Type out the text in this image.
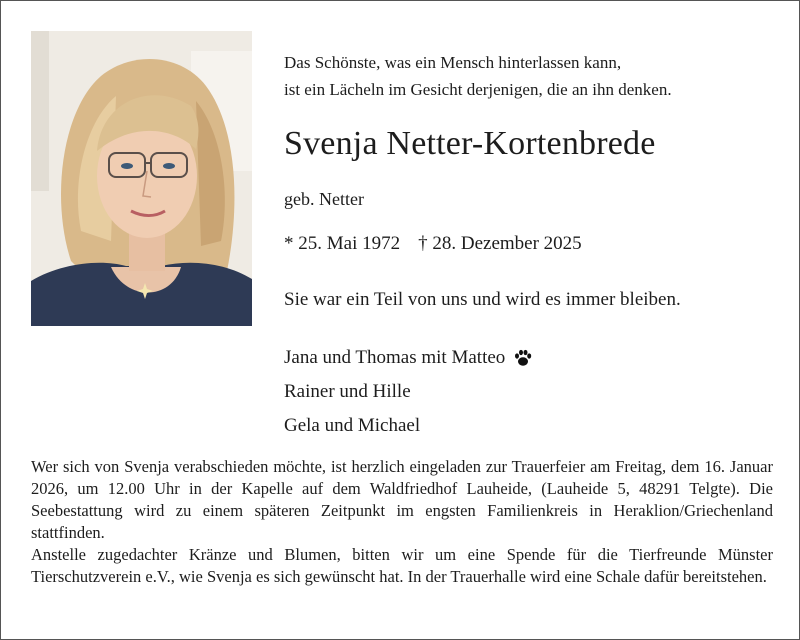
Das Schönste, was ein Mensch hinterlassen kann,
ist ein Lächeln im Gesicht derjenigen, die an ihn denken.
Svenja Netter-Kortenbrede
geb. Netter
* 25. Mai 1972 † 28. Dezember 2025
Sie war ein Teil von uns und wird es immer bleiben.
Jana und Thomas mit Matteo
Rainer und Hille
Gela und Michael

Wer sich von Svenja verabschieden möchte, ist herzlich eingeladen zur Trauerfeier am Freitag, dem 16. Januar 2026, um 12.00 Uhr in der Kapelle auf dem Waldfriedhof Lauheide, (Lauheide 5, 48291 Telgte). Die Seebestattung wird zu einem späteren Zeitpunkt im engsten Familienkreis in Heraklion/Griechenland stattfinden.

Anstelle zugedachter Kränze und Blumen, bitten wir um eine Spende für die Tierfreunde Münster Tierschutzverein e.V., wie Svenja es sich gewünscht hat. In der Trauerhalle wird eine Schale dafür bereitstehen.
